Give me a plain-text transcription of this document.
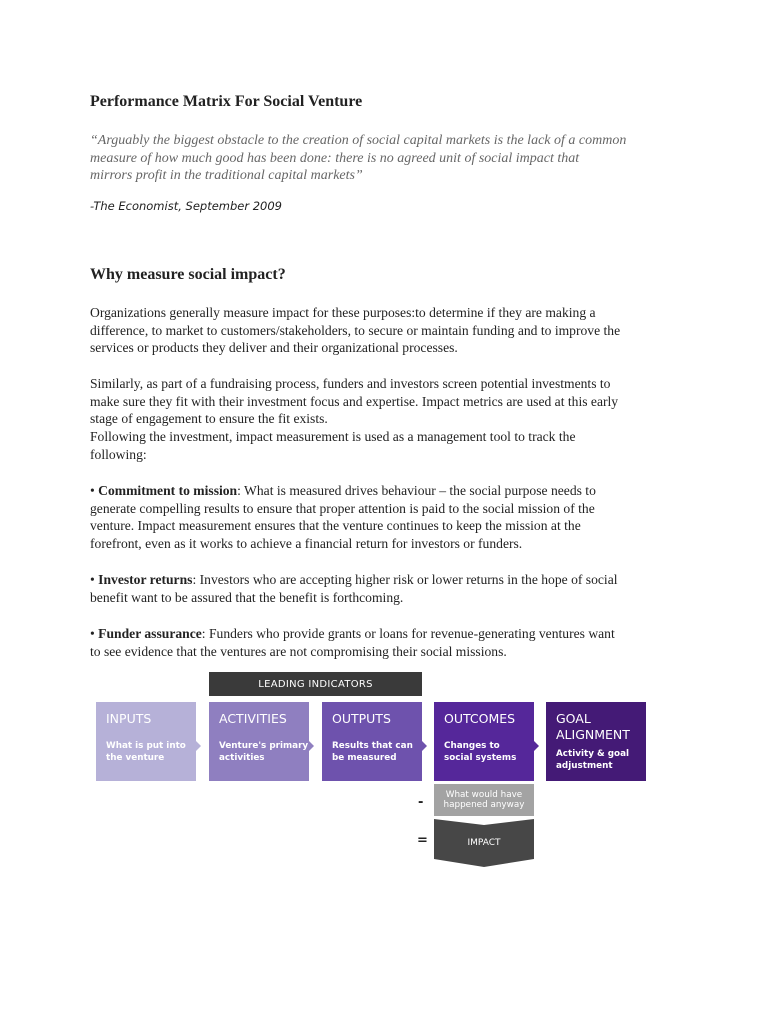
Performance Matrix For Social Venture
“Arguably the biggest obstacle to the creation of social capital markets is the lack of a common
measure of how much good has been done: there is no agreed unit of social impact that
mirrors profit in the traditional capital markets”

-The Economist, September 2009

Why measure social impact?
Organizations generally measure impact for these purposes:to determine if they are making a
difference, to market to customers/stakeholders, to secure or maintain funding and to improve the
services or products they deliver and their organizational processes.
Similarly, as part of a fundraising process, funders and investors screen potential investments to
make sure they fit with their investment focus and expertise. Impact metrics are used at this early
stage of engagement to ensure the fit exists.
Following the investment, impact measurement is used as a management tool to track the
following:
• Commitment to mission: What is measured drives behaviour – the social purpose needs to
generate compelling results to ensure that proper attention is paid to the social mission of the
venture. Impact measurement ensures that the venture continues to keep the mission at the
forefront, even as it works to achieve a financial return for investors or funders.
• Investor returns: Investors who are accepting higher risk or lower returns in the hope of social
benefit want to be assured that the benefit is forthcoming.
• Funder assurance: Funders who provide grants or loans for revenue-generating ventures want
to see evidence that the ventures are not compromising their social missions.
LEADING INDICATORS
INPUTS
What is put into
the venture
ACTIVITIES
Venture's primary
activities
OUTPUTS
Results that can
be measured
OUTCOMES
Changes to
social systems
GOAL
ALIGNMENT
Activity & goal
adjustment
-
What would have
happened anyway
=	IMPACT
